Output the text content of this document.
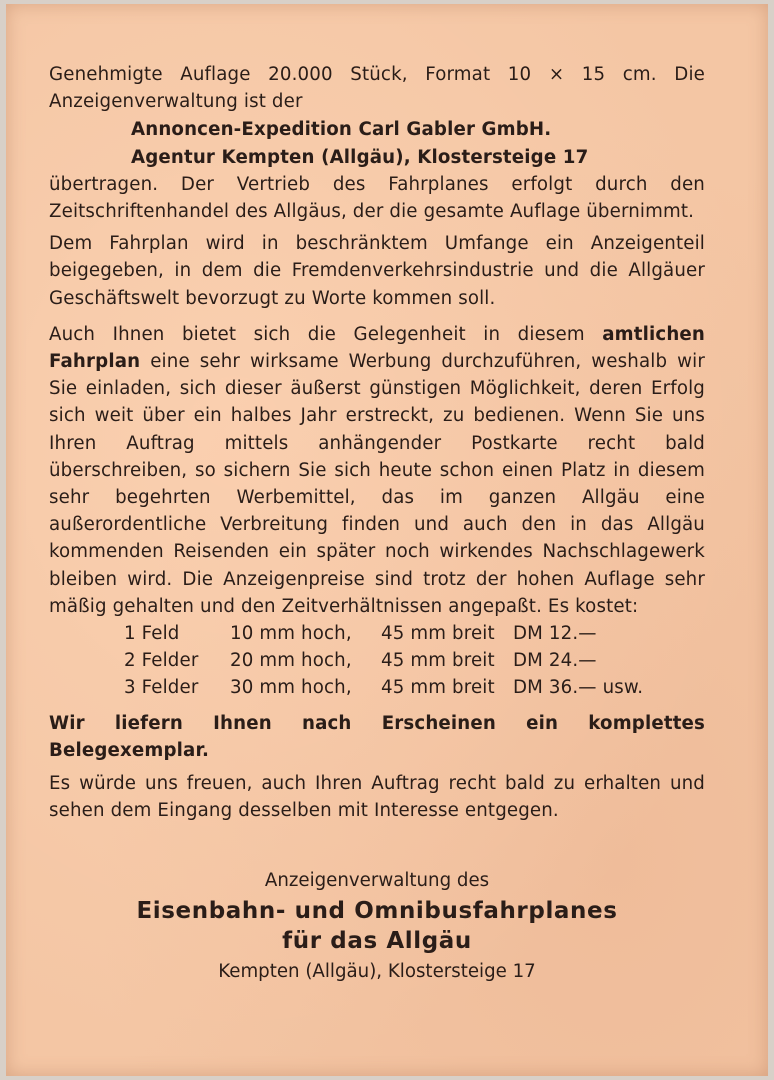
Genehmigte Auflage 20.000 Stück, Format 10 × 15 cm. Die Anzeigenverwaltung ist der

Annoncen-Expedition Carl Gabler GmbH.

Agentur Kempten (Allgäu), Klostersteige 17

übertragen. Der Vertrieb des Fahrplanes erfolgt durch den Zeitschriftenhandel des Allgäus, der die gesamte Auflage übernimmt.

Dem Fahrplan wird in beschränktem Umfange ein Anzeigenteil beigegeben, in dem die Fremdenverkehrsindustrie und die Allgäuer Geschäftswelt bevorzugt zu Worte kommen soll.

Auch Ihnen bietet sich die Gelegenheit in diesem amtlichen Fahrplan eine sehr wirksame Werbung durchzuführen, weshalb wir Sie einladen, sich dieser äußerst günstigen Möglichkeit, deren Erfolg sich weit über ein halbes Jahr erstreckt, zu bedienen. Wenn Sie uns Ihren Auftrag mittels anhängender Postkarte recht bald überschreiben, so sichern Sie sich heute schon einen Platz in diesem sehr begehrten Werbemittel, das im ganzen Allgäu eine außerordentliche Verbreitung finden und auch den in das Allgäu kommenden Reisenden ein später noch wirkendes Nachschlagewerk bleiben wird. Die Anzeigenpreise sind trotz der hohen Auflage sehr mäßig gehalten und den Zeitverhältnissen angepaßt. Es kostet:

1 Feld	10 mm hoch,	45 mm breit	DM 12.—
2 Felder	20 mm hoch,	45 mm breit	DM 24.—
3 Felder	30 mm hoch,	45 mm breit	DM 36.— usw.

Wir liefern Ihnen nach Erscheinen ein komplettes Belegexemplar.

Es würde uns freuen, auch Ihren Auftrag recht bald zu erhalten und sehen dem Eingang desselben mit Interesse entgegen.

Anzeigenverwaltung des
Eisenbahn- und Omnibusfahrplanes
für das Allgäu
Kempten (Allgäu), Klostersteige 17
